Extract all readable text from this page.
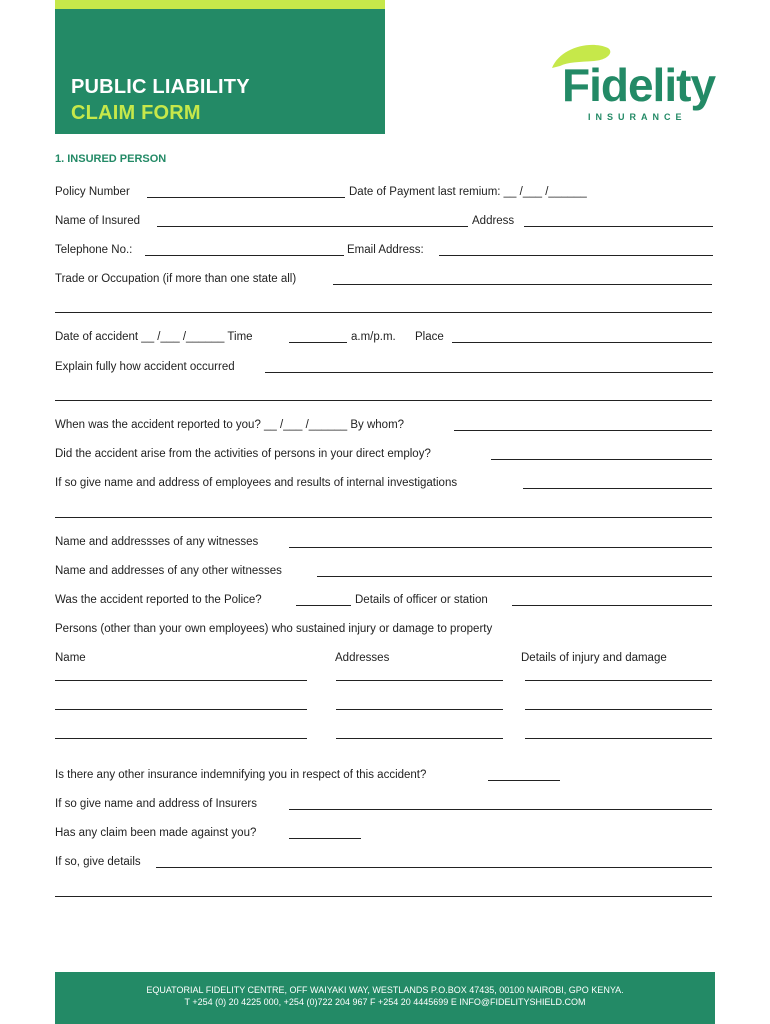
PUBLIC LIABILITY
CLAIM FORM
Fidelity
INSURANCE
1. INSURED PERSON
Policy Number	Date of Payment last remium: __ /___ /______
Name of Insured	Address
Telephone No.:	Email Address:
Trade or Occupation (if more than one state all)
Date of accident __ /___ /______ Time	a.m/p.m. Place
Explain fully how accident occurred
When was the accident reported to you? __ /___ /______ By whom?
Did the accident arise from the activities of persons in your direct employ?
If so give name and address of employees and results of internal investigations
Name and addressses of any witnesses
Name and addresses of any other witnesses
Was the accident reported to the Police?	Details of officer or station
Persons (other than your own employees) who sustained injury or damage to property
Name	Addresses	Details of injury and damage
Is there any other insurance indemnifying you in respect of this accident?
If so give name and address of Insurers
Has any claim been made against you?
If so, give details
EQUATORIAL FIDELITY CENTRE, OFF WAIYAKI WAY, WESTLANDS P.O.BOX 47435, 00100 NAIROBI, GPO KENYA.
T +254 (0) 20 4225 000, +254 (0)722 204 967 F +254 20 4445699 E INFO@FIDELITYSHIELD.COM
